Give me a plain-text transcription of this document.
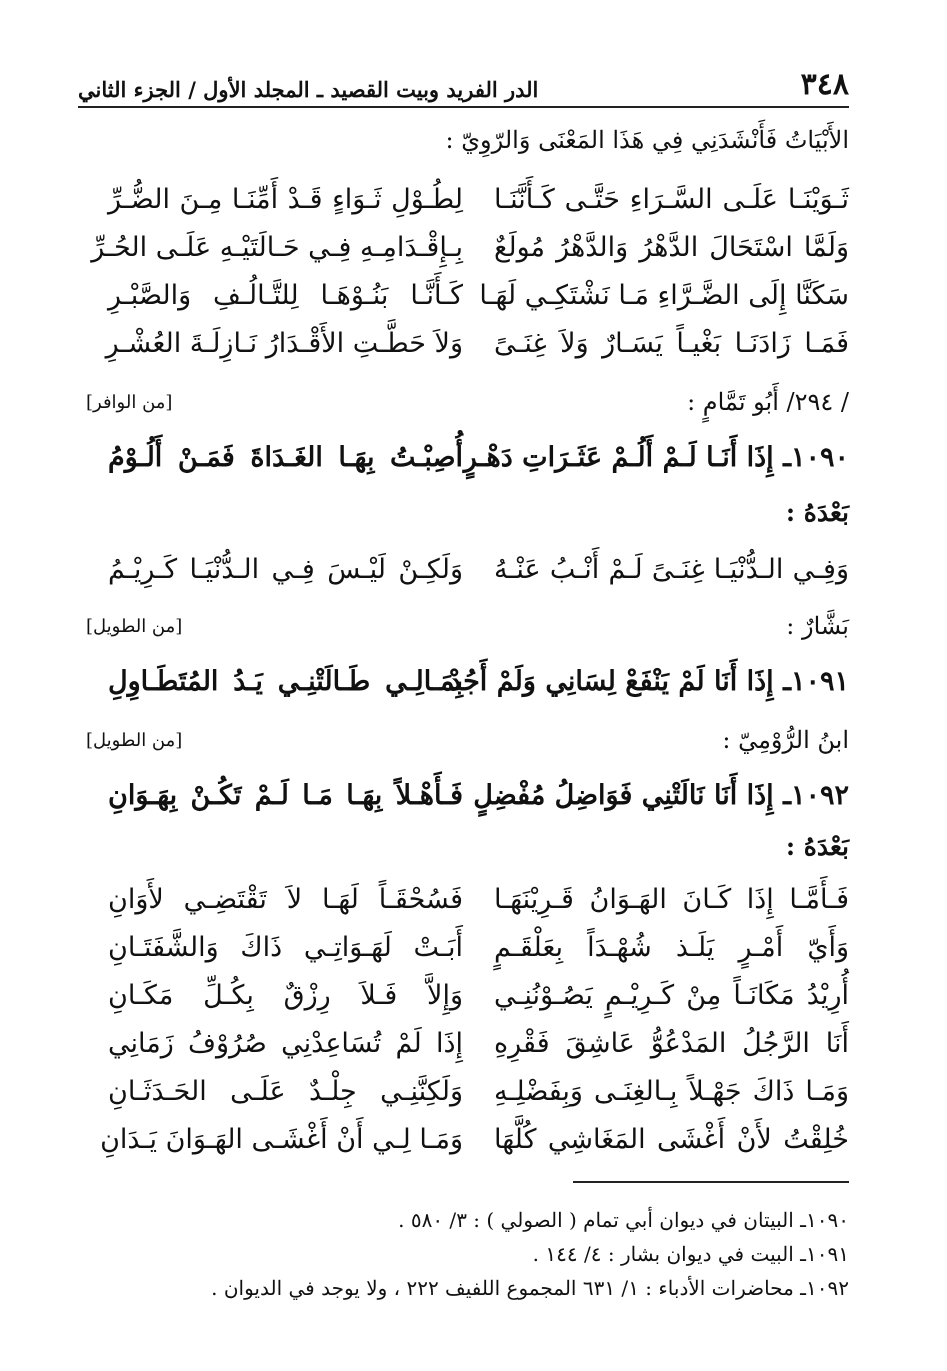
٣٤٨
الدر الفريد وبيت القصيد ـ المجلد الأول / الجزء الثاني
الأَبْيَاتُ فَأَنْشَدَنِي فِي هَذَا المَعْنَى وَالرّوِيّ :
ثَـوَيْنَـا عَلَـى السَّـرَاءِ حَتَّـى كَـأَنَّنَـا
لِطُـوْلِ ثَـوَاءٍ قَـدْ أَمِّنَـا مِـنَ الضُّـرِّ
وَلَمَّا اسْتَحَالَ الدَّهْرُ وَالدَّهْرُ مُولَعٌ
بِـإِقْـدَامِـهِ فِـي حَـالَتَيْـهِ عَلَـى الحُـرِّ
سَكَنَّا إِلَى الضَّـرَّاءِ مَـا نَشْتَكِـي لَهَـا
كَـأَنَّـا بَنُـوْهَـا لِلتَّـالُـفِ وَالصَّبْـرِ
فَمَـا زَادَنَـا بَغْيـاً يَسَـارٌ وَلاَ غِنَـىً
وَلاَ حَطَّـتِ الأَقْـدَارُ نَـازِلَـةَ العُشْـرِ
/ ٢٩٤/ أَبُو تَمَّامٍ :
[من الوافر]
١٠٩٠ـ إِذَا أَنَـا لَـمْ أَلُـمْ عَثَـرَاتِ دَهْـرٍ
أُصِبْـتُ بِهَـا الغَـدَاةَ فَمَـنْ أَلُـوْمُ
بَعْدَهُ :
وَفِـي الـدُّنْيَـا غِنَـىً لَـمْ أَنْـبُ عَنْـهُ
وَلَكِـنْ لَيْـسَ فِـي الـدُّنْيَـا كَـرِيْـمُ
بَشَّارٌ :
[من الطويل]
١٠٩١ـ إِذَا أَنَا لَمْ يَنْفَعْ لِسَانِي وَلَمْ أَجُدْ
بِمَـالِـي طَـالَتْنِـي يَـدُ المُتَطَـاوِلِ
ابنُ الرُّوْمِيّ :
[من الطويل]
١٠٩٢ـ إِذَا أَنَا نَالَتْنِي فَوَاضِلُ مُفْضِلٍ
فَـأَهْـلاً بِهَـا مَـا لَـمْ تَكُـنْ بِهَـوَانِ
بَعْدَهُ :
فَـأَمَّـا إِذَا كَـانَ الهَـوَانُ قَـرِيْنَهَـا
فَسُحْقَـاً لَهَـا لاَ تَقْتَضِـي لأَوَانِ
وَأَيّ أَمْـرٍ يَلَـذ شُهْـدَاً بِعَلْقَـمٍ
أَبَـتْ لَهَـوَاتِـي ذَاكَ وَالشَّفَتَـانِ
أُرِيْدُ مَكَانَـاً مِنْ كَـرِيْـمٍ يَصُـوْنُنِـي
وَإِلاَّ فَـلاَ رِزْقٌ بِكُـلِّ مَكَـانِ
أَنَا الرَّجُلُ المَدْعُوُّ عَاشِقَ فَقْرِهِ
إِذَا لَمْ تُسَاعِدْنِي صُرُوْفُ زَمَانِي
وَمَـا ذَاكَ جَهْـلاً بِـالغِنَـى وَبِفَضْلِـهِ
وَلَكِنَّنِـي جِلْـدٌ عَلَـى الحَـدَثَـانِ
خُلِقْتُ لأَنْ أَغْشَى المَغَاشِي كُلَّهَا
وَمَـا لِـي أَنْ أَغْشَـى الهَـوَانَ يَـدَانِ
١٠٩٠ـ البيتان في ديوان أبي تمام ( الصولي ) : ٣/ ٥٨٠ .
١٠٩١ـ البيت في ديوان بشار : ٤/ ١٤٤ .
١٠٩٢ـ محاضرات الأدباء : ١/ ٦٣١ المجموع اللفيف ٢٢٢ ، ولا يوجد في الديوان .
